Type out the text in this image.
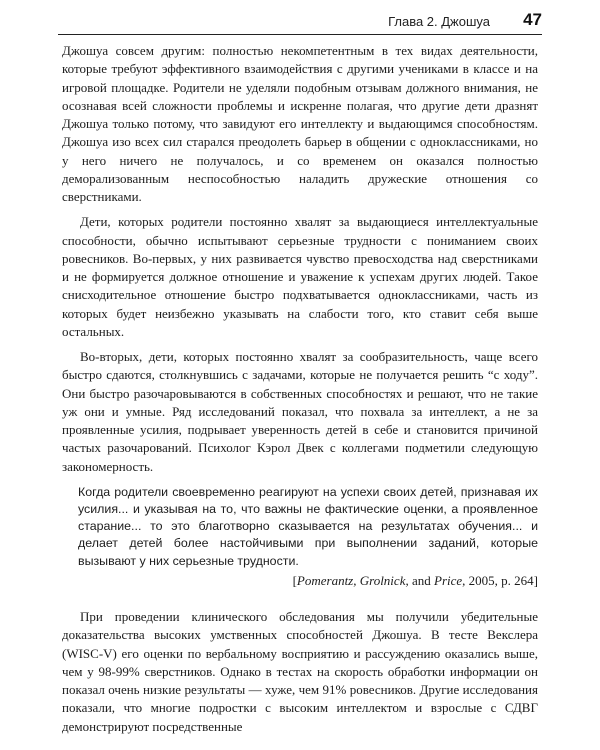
Глава 2. Джошуа 47

Джошуа совсем другим: полностью некомпетентным в тех видах деятельности, которые требуют эффективного взаимодействия с другими учениками в классе и на игровой площадке. Родители не уделяли подобным отзывам должного внимания, не осознавая всей сложности проблемы и искренне полагая, что другие дети дразнят Джошуа только потому, что завидуют его интеллекту и выдающимся способностям. Джошуа изо всех сил старался преодолеть барьер в общении с одноклассниками, но у него ничего не получалось, и со временем он оказался полностью деморализованным неспособностью наладить дружеские отношения со сверстниками.

Дети, которых родители постоянно хвалят за выдающиеся интеллектуальные способности, обычно испытывают серьезные трудности с пониманием своих ровесников. Во-первых, у них развивается чувство превосходства над сверстниками и не формируется должное отношение и уважение к успехам других людей. Такое снисходительное отношение быстро подхватывается одноклассниками, часть из которых будет неизбежно указывать на слабости того, кто ставит себя выше остальных.

Во-вторых, дети, которых постоянно хвалят за сообразительность, чаще всего быстро сдаются, столкнувшись с задачами, которые не получается решить “с ходу”. Они быстро разочаровываются в собственных способностях и решают, что не такие уж они и умные. Ряд исследований показал, что похвала за интеллект, а не за проявленные усилия, подрывает уверенность детей в себе и становится причиной частых разочарований. Психолог Кэрол Двек с коллегами подметили следующую закономерность.

Когда родители своевременно реагируют на успехи своих детей, признавая их усилия... и указывая на то, что важны не фактические оценки, а проявленное старание... то это благотворно сказывается на результатах обучения... и делает детей более настойчивыми при выполнении заданий, которые вызывают у них серьезные трудности.
[Pomerantz, Grolnick, and Price, 2005, p. 264]

При проведении клинического обследования мы получили убедительные доказательства высоких умственных способностей Джошуа. В тесте Векслера (WISC-V) его оценки по вербальному восприятию и рассуждению оказались выше, чем у 98-99% сверстников. Однако в тестах на скорость обработки информации он показал очень низкие результаты — хуже, чем 91% ровесников. Другие исследования показали, что многие подростки с высоким интеллектом и взрослые с СДВГ демонстрируют посредственные
